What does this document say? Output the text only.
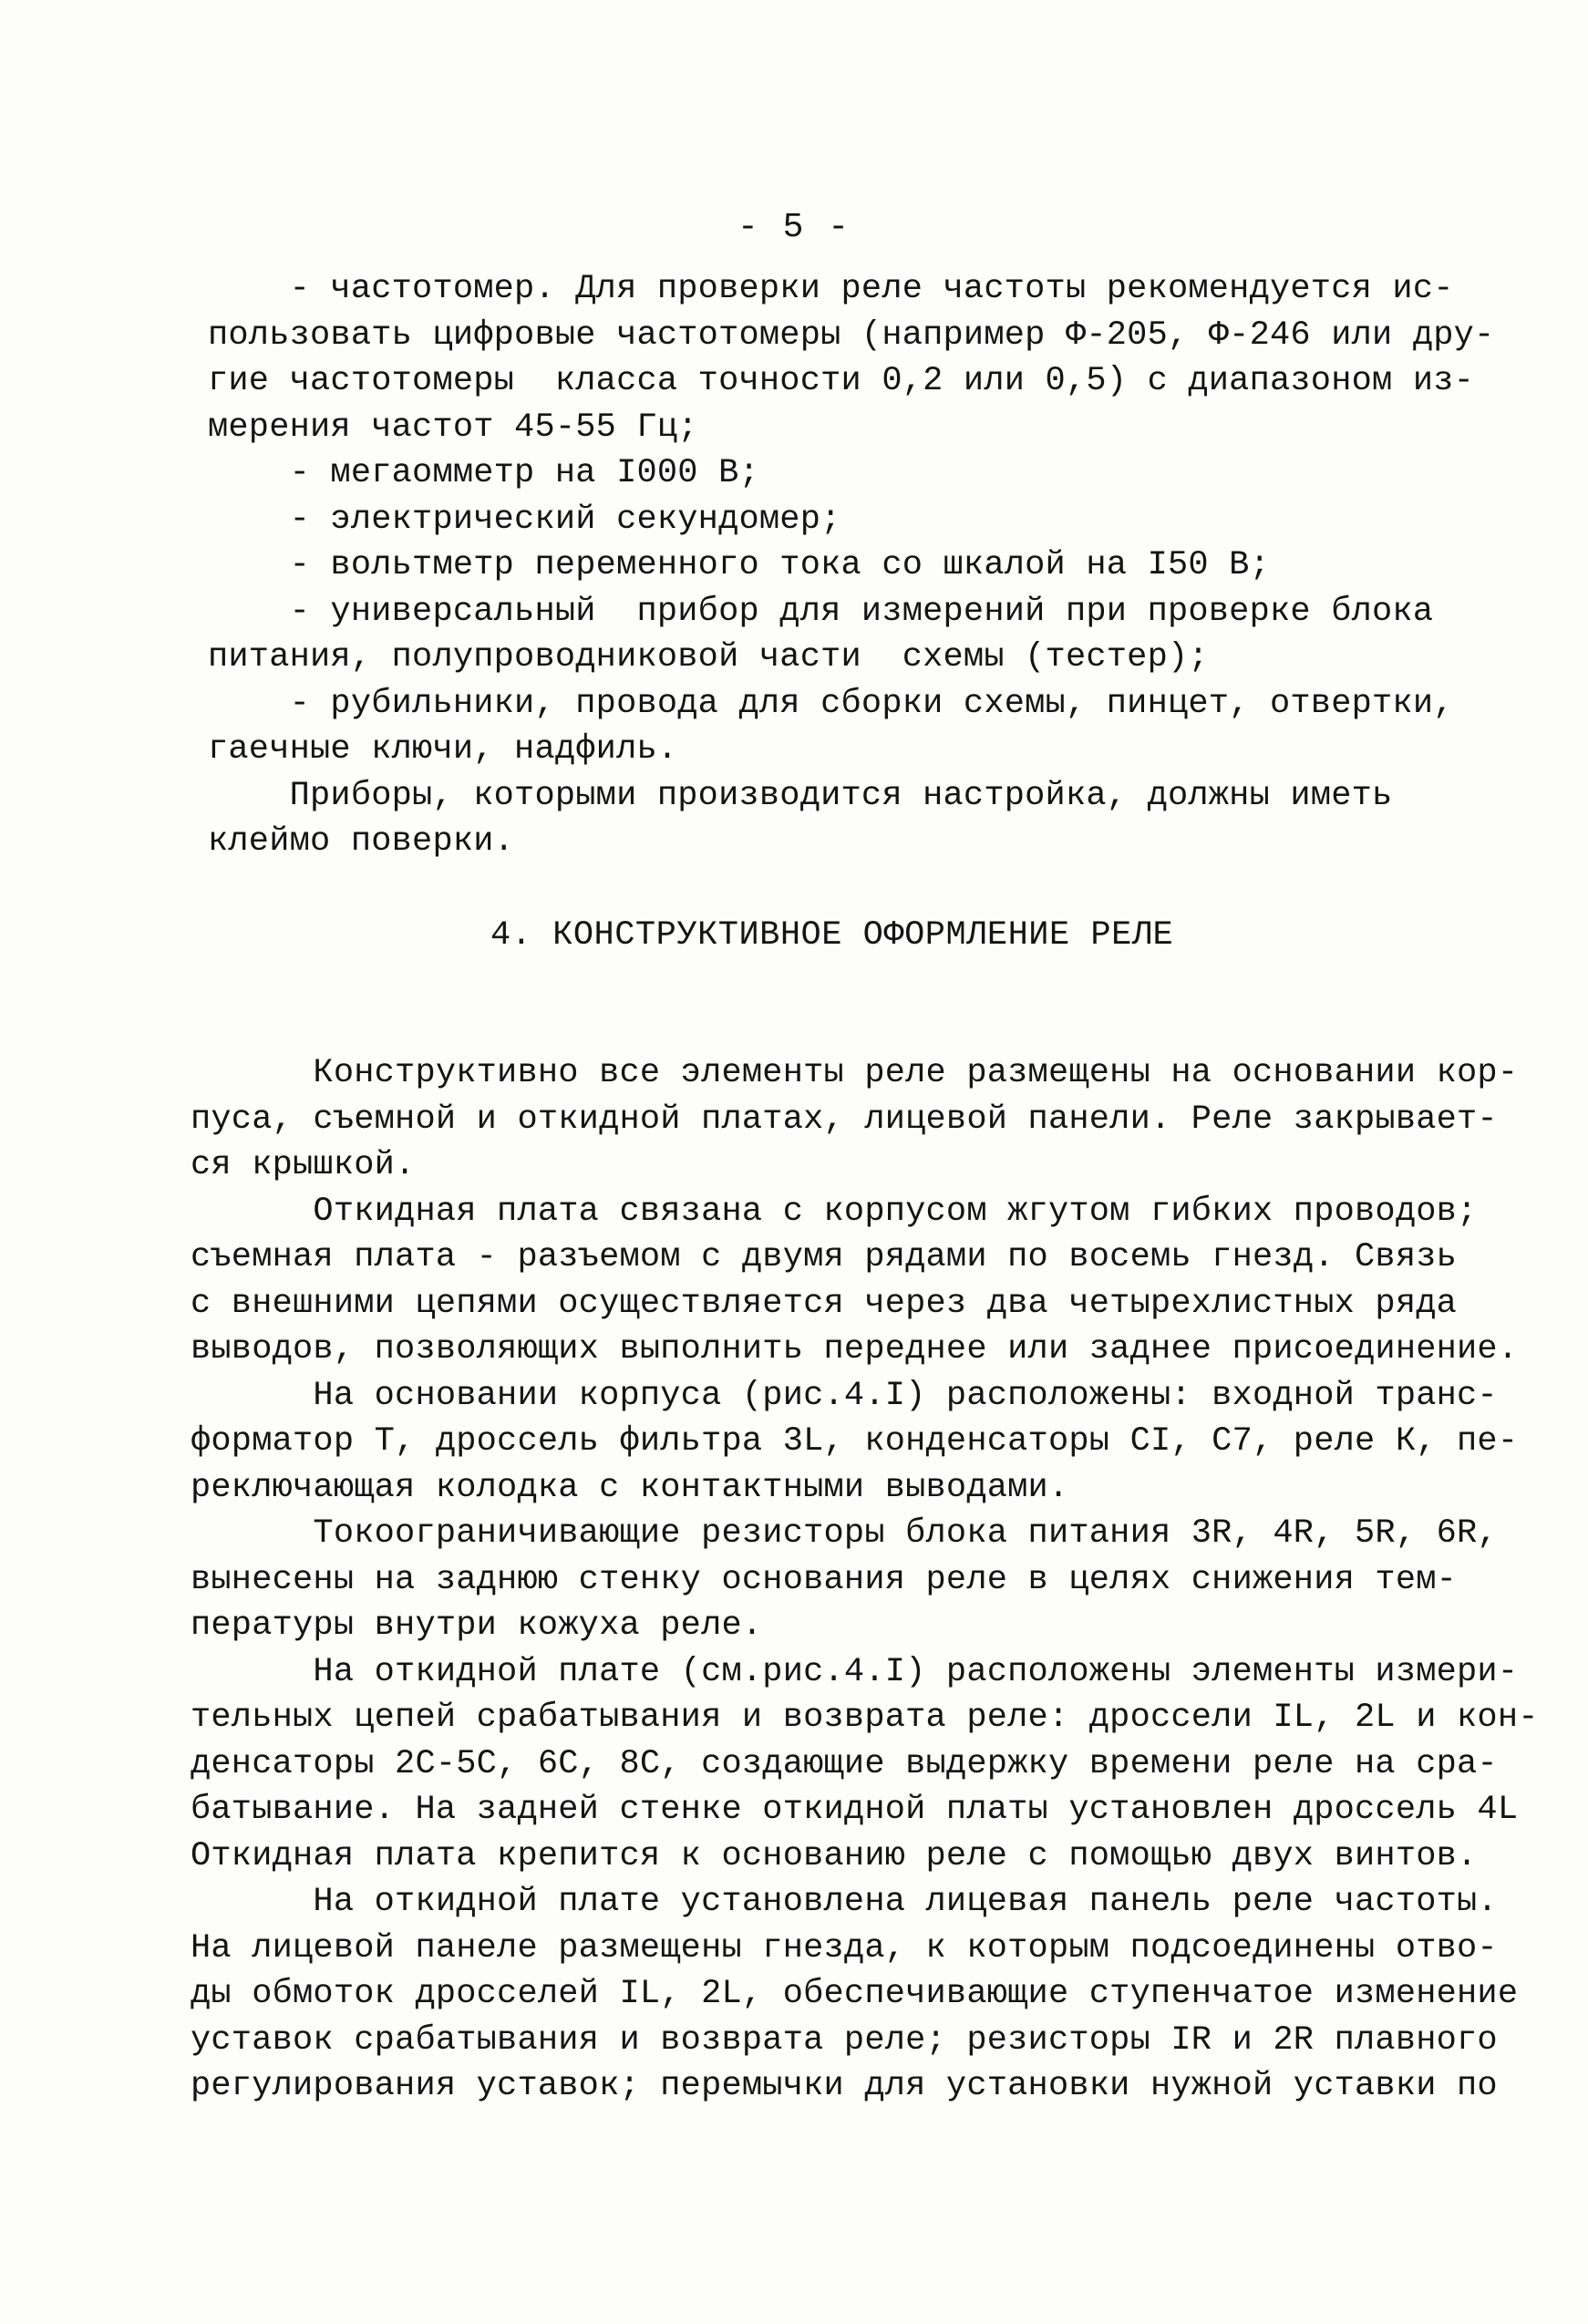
- 5 -
- частотомер. Для проверки реле частоты рекомендуется ис-
пользовать цифровые частотомеры (например Ф-205, Ф-246 или дру-
гие частотомеры  класса точности 0,2 или 0,5) с диапазоном из-
мерения частот 45-55 Гц;
- мегаомметр на I000 В;
- электрический секундомер;
- вольтметр переменного тока со шкалой на I50 В;
- универсальный  прибор для измерений при проверке блока
питания, полупроводниковой части  схемы (тестер);
- рубильники, провода для сборки схемы, пинцет, отвертки,
гаечные ключи, надфиль.
Приборы, которыми производится настройка, должны иметь
клеймо поверки.
4. КОНСТРУКТИВНОЕ ОФОРМЛЕНИЕ РЕЛЕ
Конструктивно все элементы реле размещены на основании кор-
пуса, съемной и откидной платах, лицевой панели. Реле закрывает-
ся крышкой.
Откидная плата связана с корпусом жгутом гибких проводов;
съемная плата - разъемом с двумя рядами по восемь гнезд. Связь
с внешними цепями осуществляется через два четырехлистных ряда
выводов, позволяющих выполнить переднее или заднее присоединение.
На основании корпуса (рис.4.I) расположены: входной транс-
форматор Т, дроссель фильтра 3L, конденсаторы CI, C7, реле К, пе-
реключающая колодка с контактными выводами.
Токоограничивающие резисторы блока питания 3R, 4R, 5R, 6R,
вынесены на заднюю стенку основания реле в целях снижения тем-
пературы внутри кожуха реле.
На откидной плате (см.рис.4.I) расположены элементы измери-
тельных цепей срабатывания и возврата реле: дроссели IL, 2L и кон-
денсаторы 2C-5C, 6C, 8C, создающие выдержку времени реле на сра-
батывание. На задней стенке откидной платы установлен дроссель 4L
Откидная плата крепится к основанию реле с помощью двух винтов.
На откидной плате установлена лицевая панель реле частоты.
На лицевой панеле размещены гнезда, к которым подсоединены отво-
ды обмоток дросселей IL, 2L, обеспечивающие ступенчатое изменение
уставок срабатывания и возврата реле; резисторы IR и 2R плавного
регулирования уставок; перемычки для установки нужной уставки по
